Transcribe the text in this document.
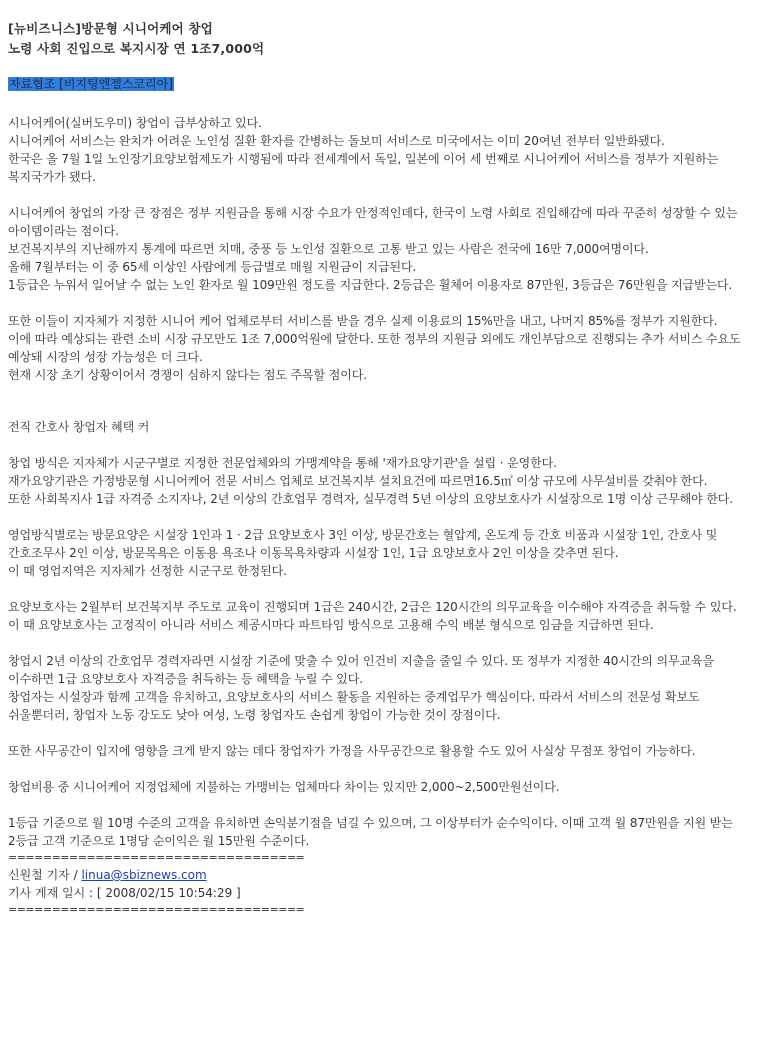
[뉴비즈니스]방문형 시니어케어 창업
노령 사회 진입으로 복지시장 연 1조7,000억
자료협조 [비지팅엔젤스코리아]

시니어케어(실버도우미) 창업이 급부상하고 있다.

시니어케어 서비스는 완치가 어려운 노인성 질환 환자를 간병하는 돌보미 서비스로 미국에서는 이미 20여년 전부터 일반화됐다.

한국은 올 7월 1일 노인장기요양보험제도가 시행됨에 따라 전세계에서 독일, 일본에 이어 세 번째로 시니어케어 서비스를 정부가 지원하는 복지국가가 됐다.

시니어케어 창업의 가장 큰 장점은 정부 지원금을 통해 시장 수요가 안정적인데다, 한국이 노령 사회로 진입해감에 따라 꾸준히 성장할 수 있는 아이템이라는 점이다.

보건복지부의 지난해까지 통계에 따르면 치매, 중풍 등 노인성 질환으로 고통 받고 있는 사람은 전국에 16만 7,000여명이다.

올해 7월부터는 이 중 65세 이상인 사람에게 등급별로 매월 지원금이 지급된다.

1등급은 누워서 일어날 수 없는 노인 환자로 월 109만원 정도를 지급한다. 2등급은 휠체어 이용자로 87만원, 3등급은 76만원을 지급받는다.

또한 이들이 지자체가 지정한 시니어 케어 업체로부터 서비스를 받을 경우 실제 이용료의 15%만을 내고, 나머지 85%를 정부가 지원한다.

이에 따라 예상되는 관련 소비 시장 규모만도 1조 7,000억원에 달한다. 또한 정부의 지원금 외에도 개인부담으로 진행되는 추가 서비스 수요도 예상돼 시장의 성장 가능성은 더 크다.

현재 시장 초기 상황이어서 경쟁이 심하지 않다는 점도 주목할 점이다.

전직 간호사 창업자 혜택 커

창업 방식은 지자체가 시군구별로 지정한 전문업체와의 가맹계약을 통해 '재가요양기관'을 설립 · 운영한다.

재가요양기관은 가정방문형 시니어케어 전문 서비스 업체로 보건복지부 설치요건에 따르면16.5㎡ 이상 규모에 사무설비를 갖춰야 한다.

또한 사회복지사 1급 자격증 소지자나, 2년 이상의 간호업무 경력자, 실무경력 5년 이상의 요양보호사가 시설장으로 1명 이상 근무해야 한다.

영업방식별로는 방문요양은 시설장 1인과 1 · 2급 요양보호사 3인 이상, 방문간호는 혈압계, 온도계 등 간호 비품과 시설장 1인, 간호사 및 간호조무사 2인 이상, 방문목욕은 이동용 욕조나 이동목욕차량과 시설장 1인, 1급 요양보호사 2인 이상을 갖추면 된다.

이 때 영업지역은 지자체가 선정한 시군구로 한정된다.

요양보호사는 2월부터 보건복지부 주도로 교육이 진행되며 1급은 240시간, 2급은 120시간의 의무교육을 이수해야 자격증을 취득할 수 있다.

이 때 요양보호사는 고정직이 아니라 서비스 제공시마다 파트타임 방식으로 고용해 수익 배분 형식으로 임금을 지급하면 된다.

창업시 2년 이상의 간호업무 경력자라면 시설장 기준에 맞출 수 있어 인건비 지출을 줄일 수 있다. 또 정부가 지정한 40시간의 의무교육을 이수하면 1급 요양보호사 자격증을 취득하는 등 혜택을 누릴 수 있다.

창업자는 시설장과 함께 고객을 유치하고, 요양보호사의 서비스 활동을 지원하는 중계업무가 핵심이다. 따라서 서비스의 전문성 확보도 쉬울뿐더러, 창업자 노동 강도도 낮아 여성, 노령 창업자도 손쉽게 창업이 가능한 것이 장점이다.

또한 사무공간이 입지에 영향을 크게 받지 않는 데다 창업자가 가정을 사무공간으로 활용할 수도 있어 사실상 무점포 창업이 가능하다.

창업비용 중 시니어케어 지정업체에 지불하는 가맹비는 업체마다 차이는 있지만 2,000~2,500만원선이다.

1등급 기준으로 월 10명 수준의 고객을 유치하면 손익분기점을 넘길 수 있으며, 그 이상부터가 순수익이다. 이때 고객 월 87만원을 지원 받는 2등급 고객 기준으로 1명당 순이익은 월 15만원 수준이다.

==================================

신원철 기자 / linua@sbiznews.com

기사 게재 일시 : [ 2008/02/15 10:54:29 ]

==================================
